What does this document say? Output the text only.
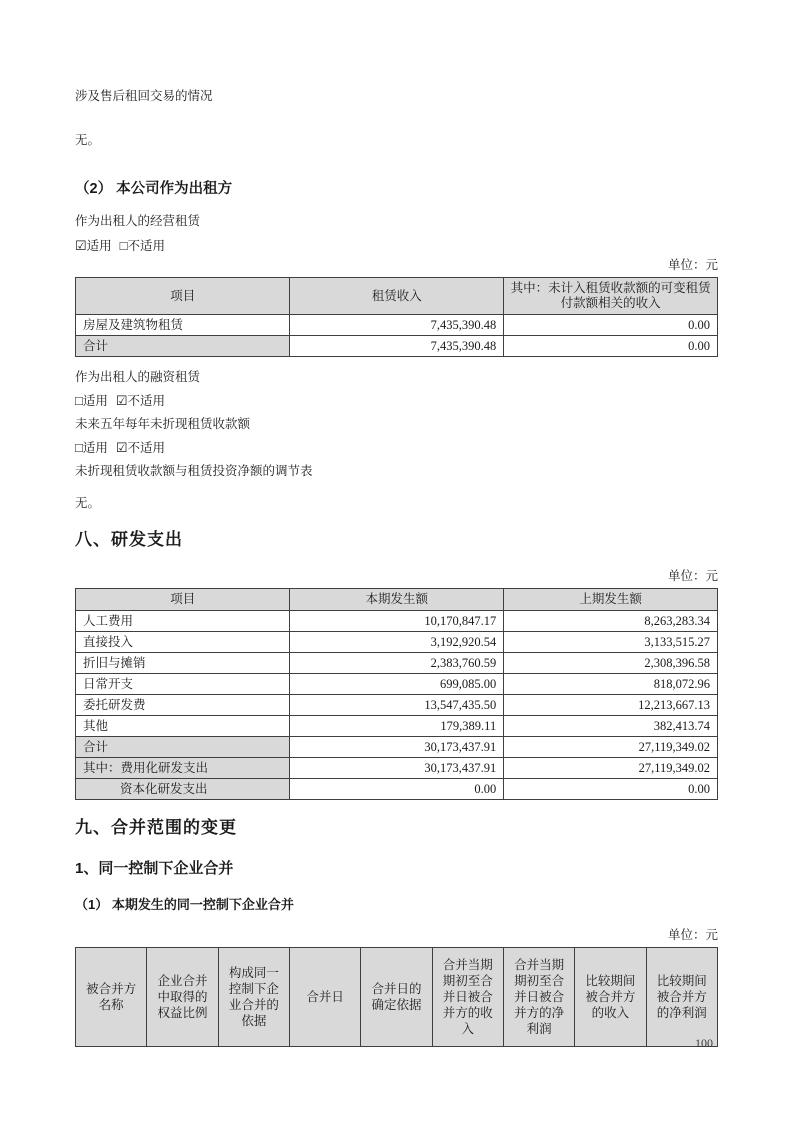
涉及售后租回交易的情况

无。

（2） 本公司作为出租方

作为出租人的经营租赁

☑适用 □不适用

单位：元
项目	租赁收入	其中：未计入租赁收款额的可变租赁付款额相关的收入
房屋及建筑物租赁	7,435,390.48	0.00
合计	7,435,390.48	0.00

作为出租人的融资租赁

□适用 ☑不适用

未来五年每年未折现租赁收款额

□适用 ☑不适用

未折现租赁收款额与租赁投资净额的调节表

无。

八、研发支出
单位：元
项目	本期发生额	上期发生额
人工费用	10,170,847.17	8,263,283.34
直接投入	3,192,920.54	3,133,515.27
折旧与摊销	2,383,760.59	2,308,396.58
日常开支	699,085.00	818,072.96
委托研发费	13,547,435.50	12,213,667.13
其他	179,389.11	382,413.74
合计	30,173,437.91	27,119,349.02
其中：费用化研发支出	30,173,437.91	27,119,349.02
资本化研发支出	0.00	0.00
九、合并范围的变更
1、同一控制下企业合并
（1） 本期发生的同一控制下企业合并
单位：元
被合并方名称	企业合并中取得的权益比例	构成同一控制下企业合并的依据	合并日	合并日的确定依据	合并当期期初至合并日被合并方的收入	合并当期期初至合并日被合并方的净利润	比较期间被合并方的收入	比较期间被合并方的净利润
100
